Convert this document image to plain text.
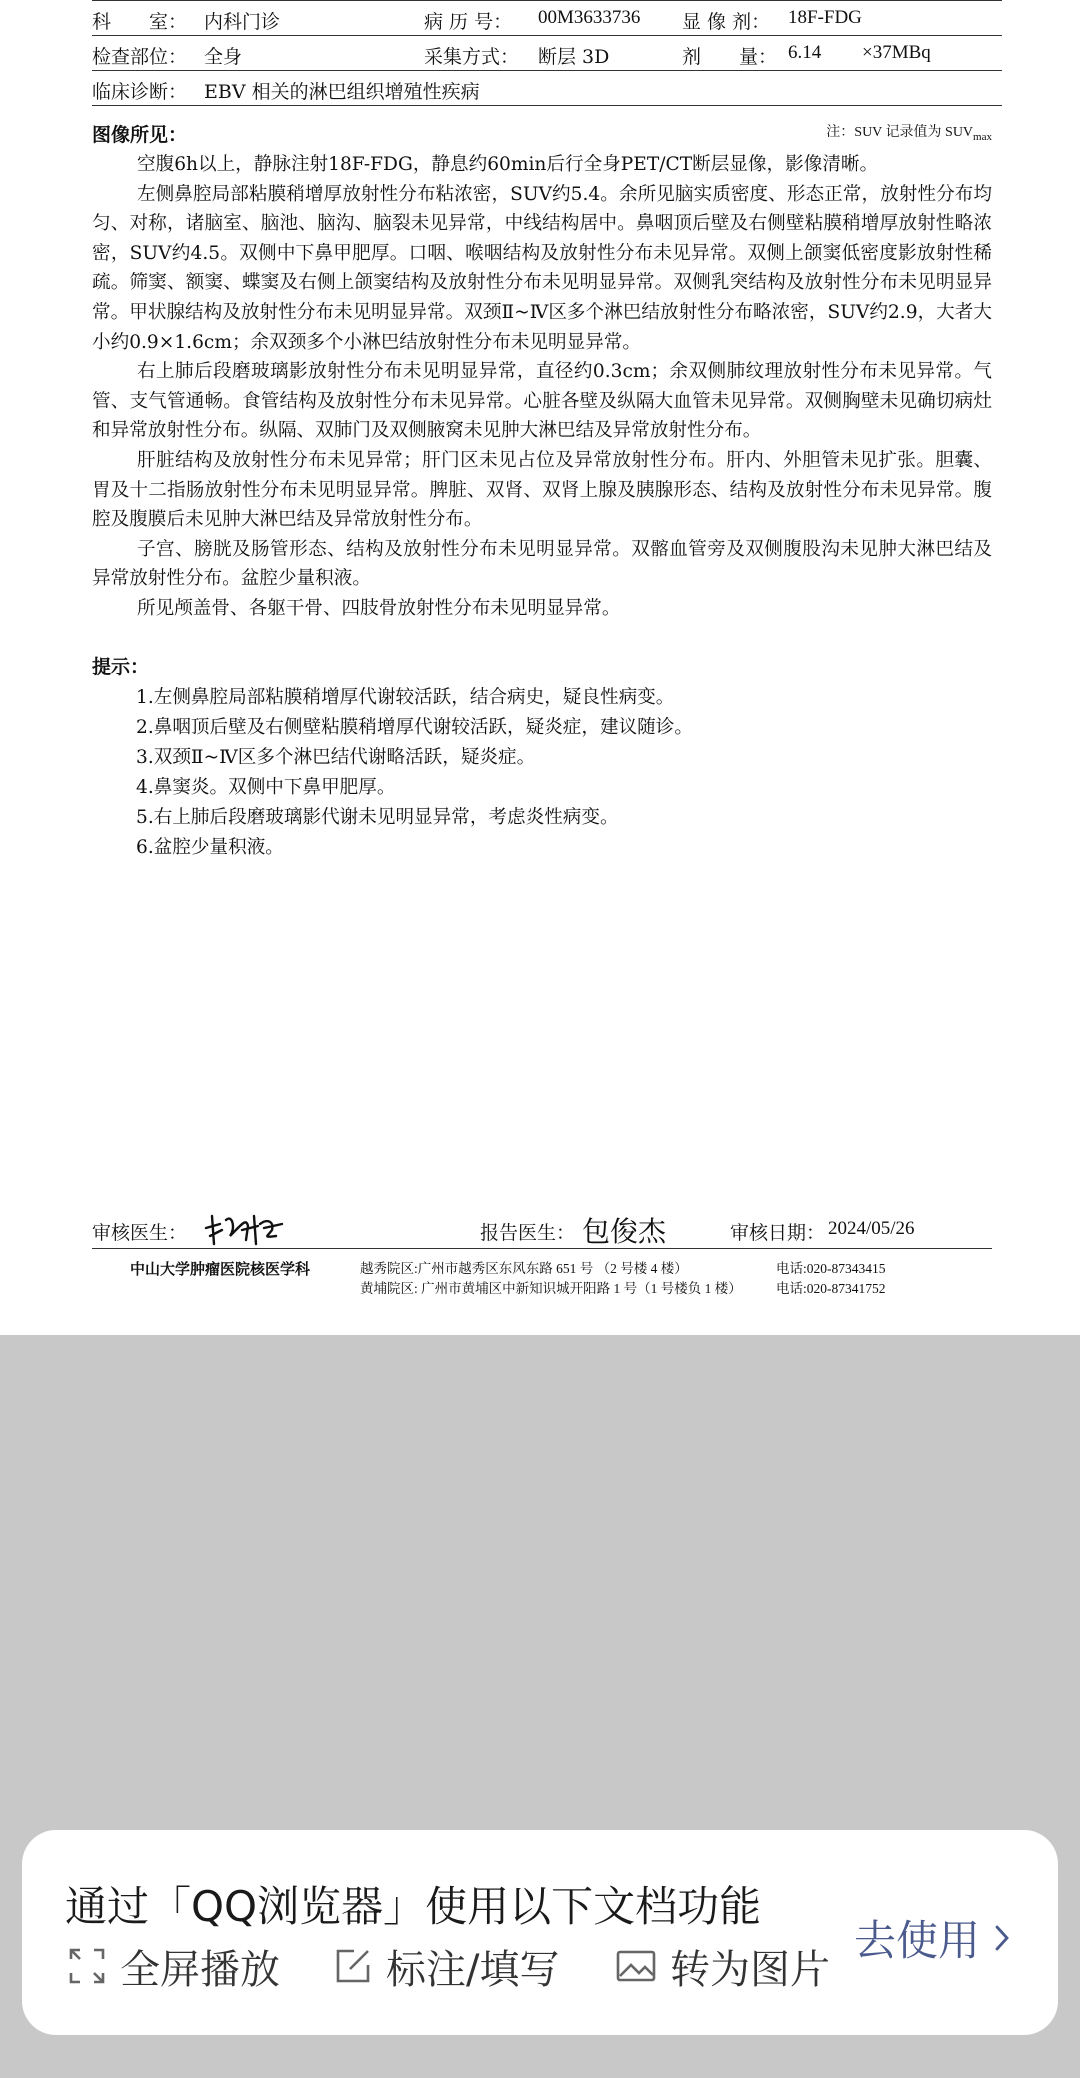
科　　室： 内科门诊	病 历 号： 00M3633736 显 像 剂： 18F-FDG
检查部位： 全身	采集方式： 断层 3D	剂　　量： 6.14 ×37MBq
临床诊断： EBV 相关的淋巴组织增殖性疾病
图像所见：	注：SUV 记录值为 $SUV_{max}$

空腹6h以上，静脉注射18F-FDG，静息约60min后行全身PET/CT断层显像，影像清晰。

左侧鼻腔局部粘膜稍增厚放射性分布粘浓密，SUV约5.4。余所见脑实质密度、形态正常，放射性分布均匀、对称，诸脑室、脑池、脑沟、脑裂未见异常，中线结构居中。鼻咽顶后壁及右侧壁粘膜稍增厚放射性略浓密，SUV约4.5。双侧中下鼻甲肥厚。口咽、喉咽结构及放射性分布未见异常。双侧上颌窦低密度影放射性稀疏。筛窦、额窦、蝶窦及右侧上颌窦结构及放射性分布未见明显异常。双侧乳突结构及放射性分布未见明显异常。甲状腺结构及放射性分布未见明显异常。双颈Ⅱ~Ⅳ区多个淋巴结放射性分布略浓密，SUV约2.9，大者大小约0.9×1.6cm；余双颈多个小淋巴结放射性分布未见明显异常。

右上肺后段磨玻璃影放射性分布未见明显异常，直径约0.3cm；余双侧肺纹理放射性分布未见异常。气管、支气管通畅。食管结构及放射性分布未见异常。心脏各壁及纵隔大血管未见异常。双侧胸壁未见确切病灶和异常放射性分布。纵隔、双肺门及双侧腋窝未见肿大淋巴结及异常放射性分布。

肝脏结构及放射性分布未见异常；肝门区未见占位及异常放射性分布。肝内、外胆管未见扩张。胆囊、胃及十二指肠放射性分布未见明显异常。脾脏、双肾、双肾上腺及胰腺形态、结构及放射性分布未见异常。腹腔及腹膜后未见肿大淋巴结及异常放射性分布。

子宫、膀胱及肠管形态、结构及放射性分布未见明显异常。双髂血管旁及双侧腹股沟未见肿大淋巴结及异常放射性分布。盆腔少量积液。

所见颅盖骨、各躯干骨、四肢骨放射性分布未见明显异常。

提示：
1.左侧鼻腔局部粘膜稍增厚代谢较活跃，结合病史，疑良性病变。
2.鼻咽顶后壁及右侧壁粘膜稍增厚代谢较活跃，疑炎症，建议随诊。
3.双颈Ⅱ~Ⅳ区多个淋巴结代谢略活跃，疑炎症。
4.鼻窦炎。双侧中下鼻甲肥厚。
5.右上肺后段磨玻璃影代谢未见明显异常，考虑炎性病变。
6.盆腔少量积液。
审核医生：	报告医生： 包俊杰	审核日期： 2024/05/26
中山大学肿瘤医院核医学科	越秀院区:广州市越秀区东风东路 651 号 （2 号楼 4 楼）	电话:020-87343415
黄埔院区: 广州市黄埔区中新知识城开阳路 1 号（1 号楼负 1 楼）	电话:020-87341752
通过「QQ浏览器」使用以下文档功能
全屏播放	标注/填写	转为图片
去使用
